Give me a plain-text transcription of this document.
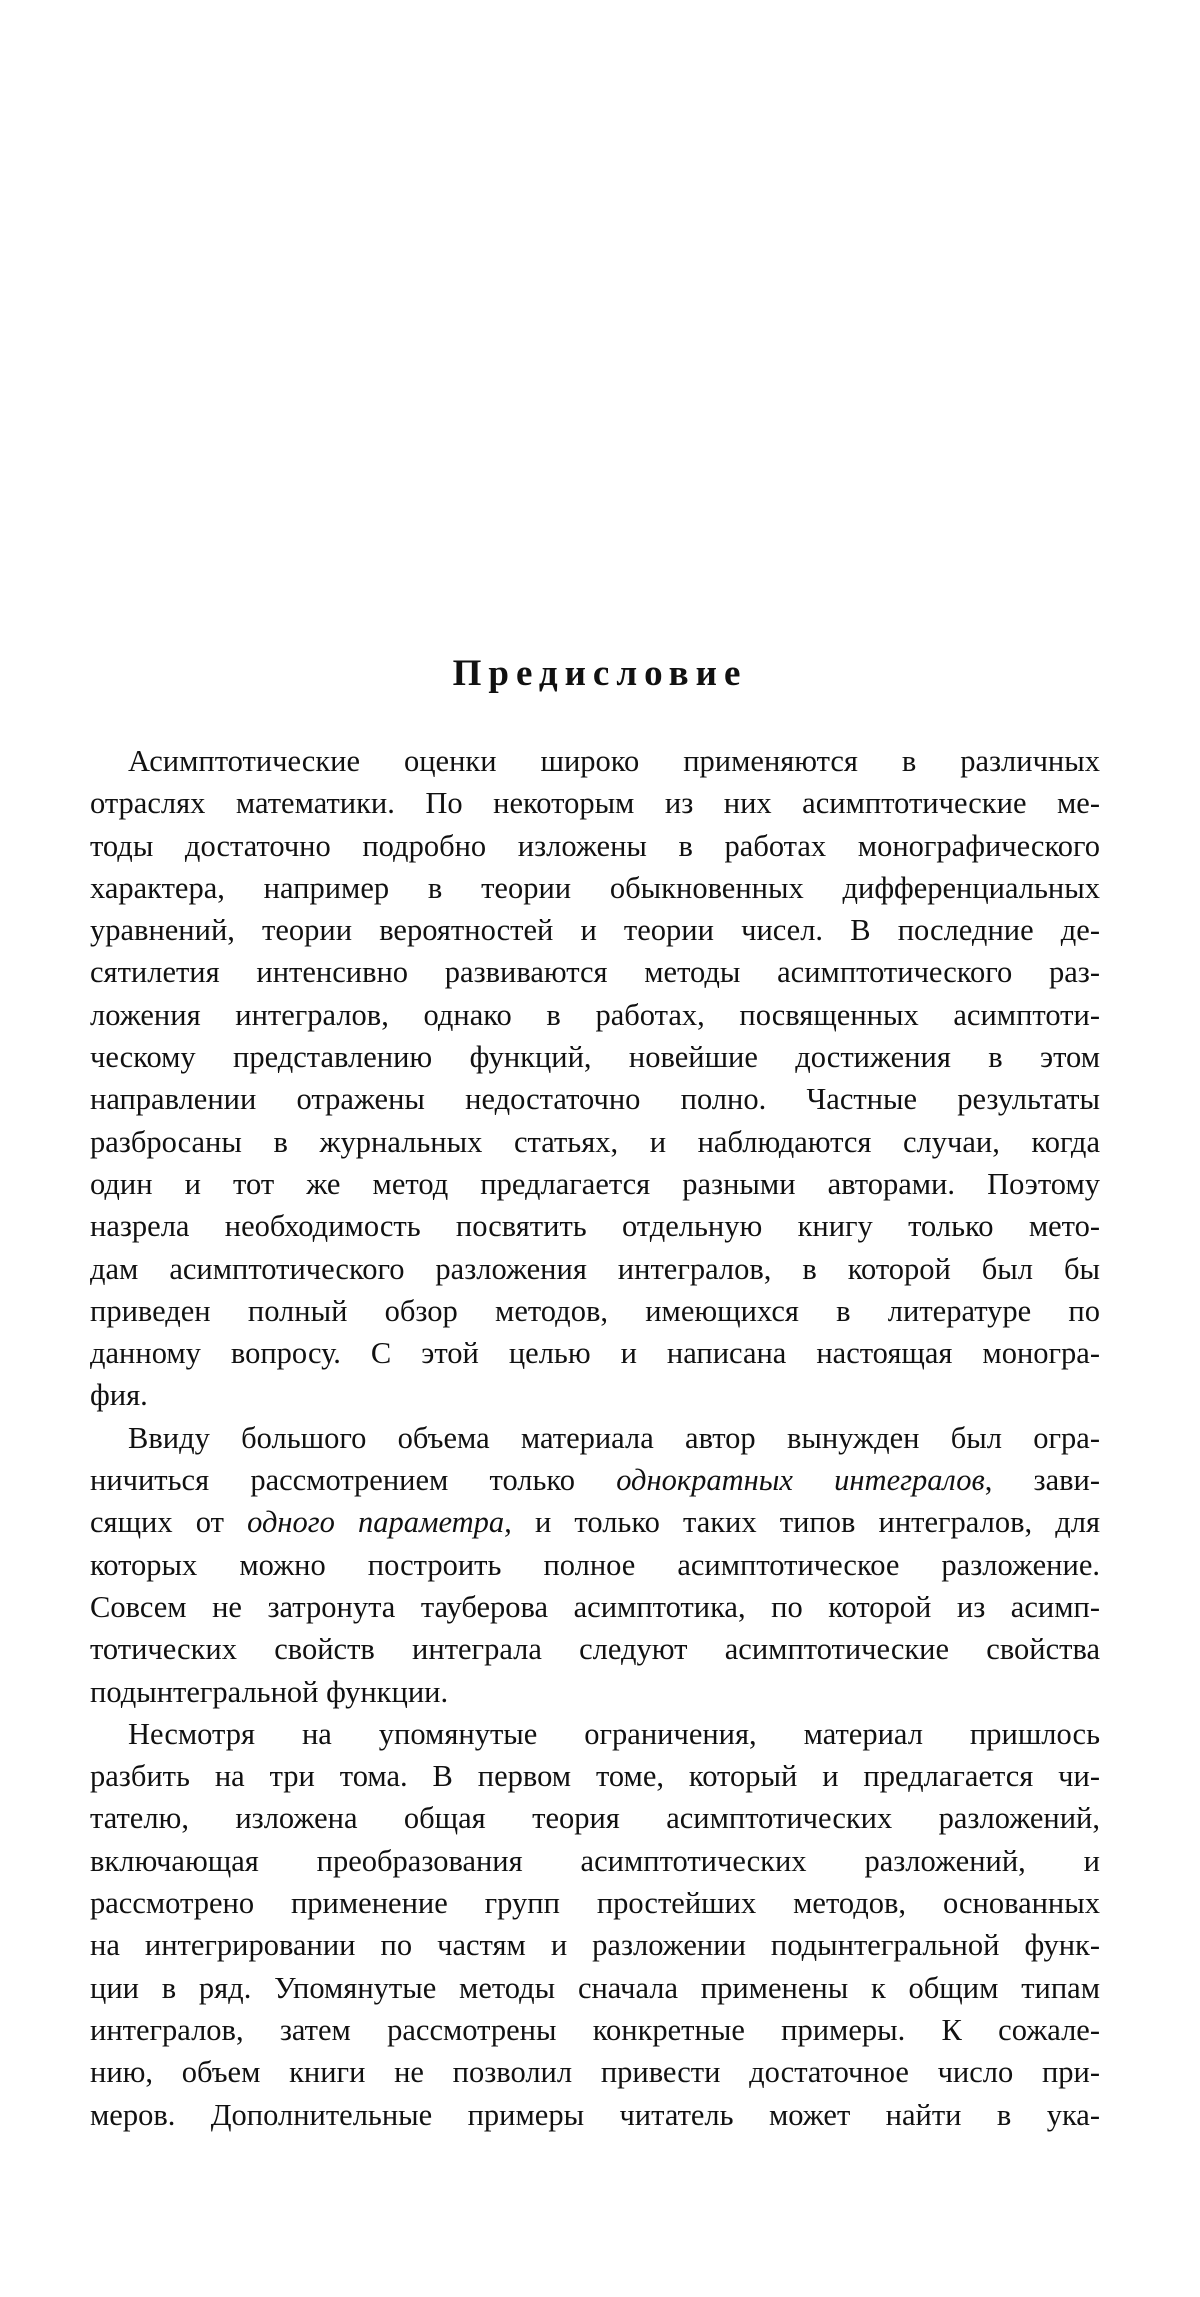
Предисловие

Асимптотические оценки широко применяются в различных
отраслях математики. По некоторым из них асимптотические ме-
тоды достаточно подробно изложены в работах монографического
характера, например в теории обыкновенных дифференциальных
уравнений, теории вероятностей и теории чисел. В последние де-
сятилетия интенсивно развиваются методы асимптотического раз-
ложения интегралов, однако в работах, посвященных асимптоти-
ческому представлению функций, новейшие достижения в этом
направлении отражены недостаточно полно. Частные результаты
разбросаны в журнальных статьях, и наблюдаются случаи, когда
один и тот же метод предлагается разными авторами. Поэтому
назрела необходимость посвятить отдельную книгу только мето-
дам асимптотического разложения интегралов, в которой был бы
приведен полный обзор методов, имеющихся в литературе по
данному вопросу. С этой целью и написана настоящая моногра-
фия.

Ввиду большого объема материала автор вынужден был огра-
ничиться рассмотрением только однократных интегралов, зави-
сящих от одного параметра, и только таких типов интегралов, для
которых можно построить полное асимптотическое разложение.
Совсем не затронута тауберова асимптотика, по которой из асимп-
тотических свойств интеграла следуют асимптотические свойства
подынтегральной функции.

Несмотря на упомянутые ограничения, материал пришлось
разбить на три тома. В первом томе, который и предлагается чи-
тателю, изложена общая теория асимптотических разложений,
включающая преобразования асимптотических разложений, и
рассмотрено применение групп простейших методов, основанных
на интегрировании по частям и разложении подынтегральной функ-
ции в ряд. Упомянутые методы сначала применены к общим типам
интегралов, затем рассмотрены конкретные примеры. К сожале-
нию, объем книги не позволил привести достаточное число при-
меров. Дополнительные примеры читатель может найти в ука-
